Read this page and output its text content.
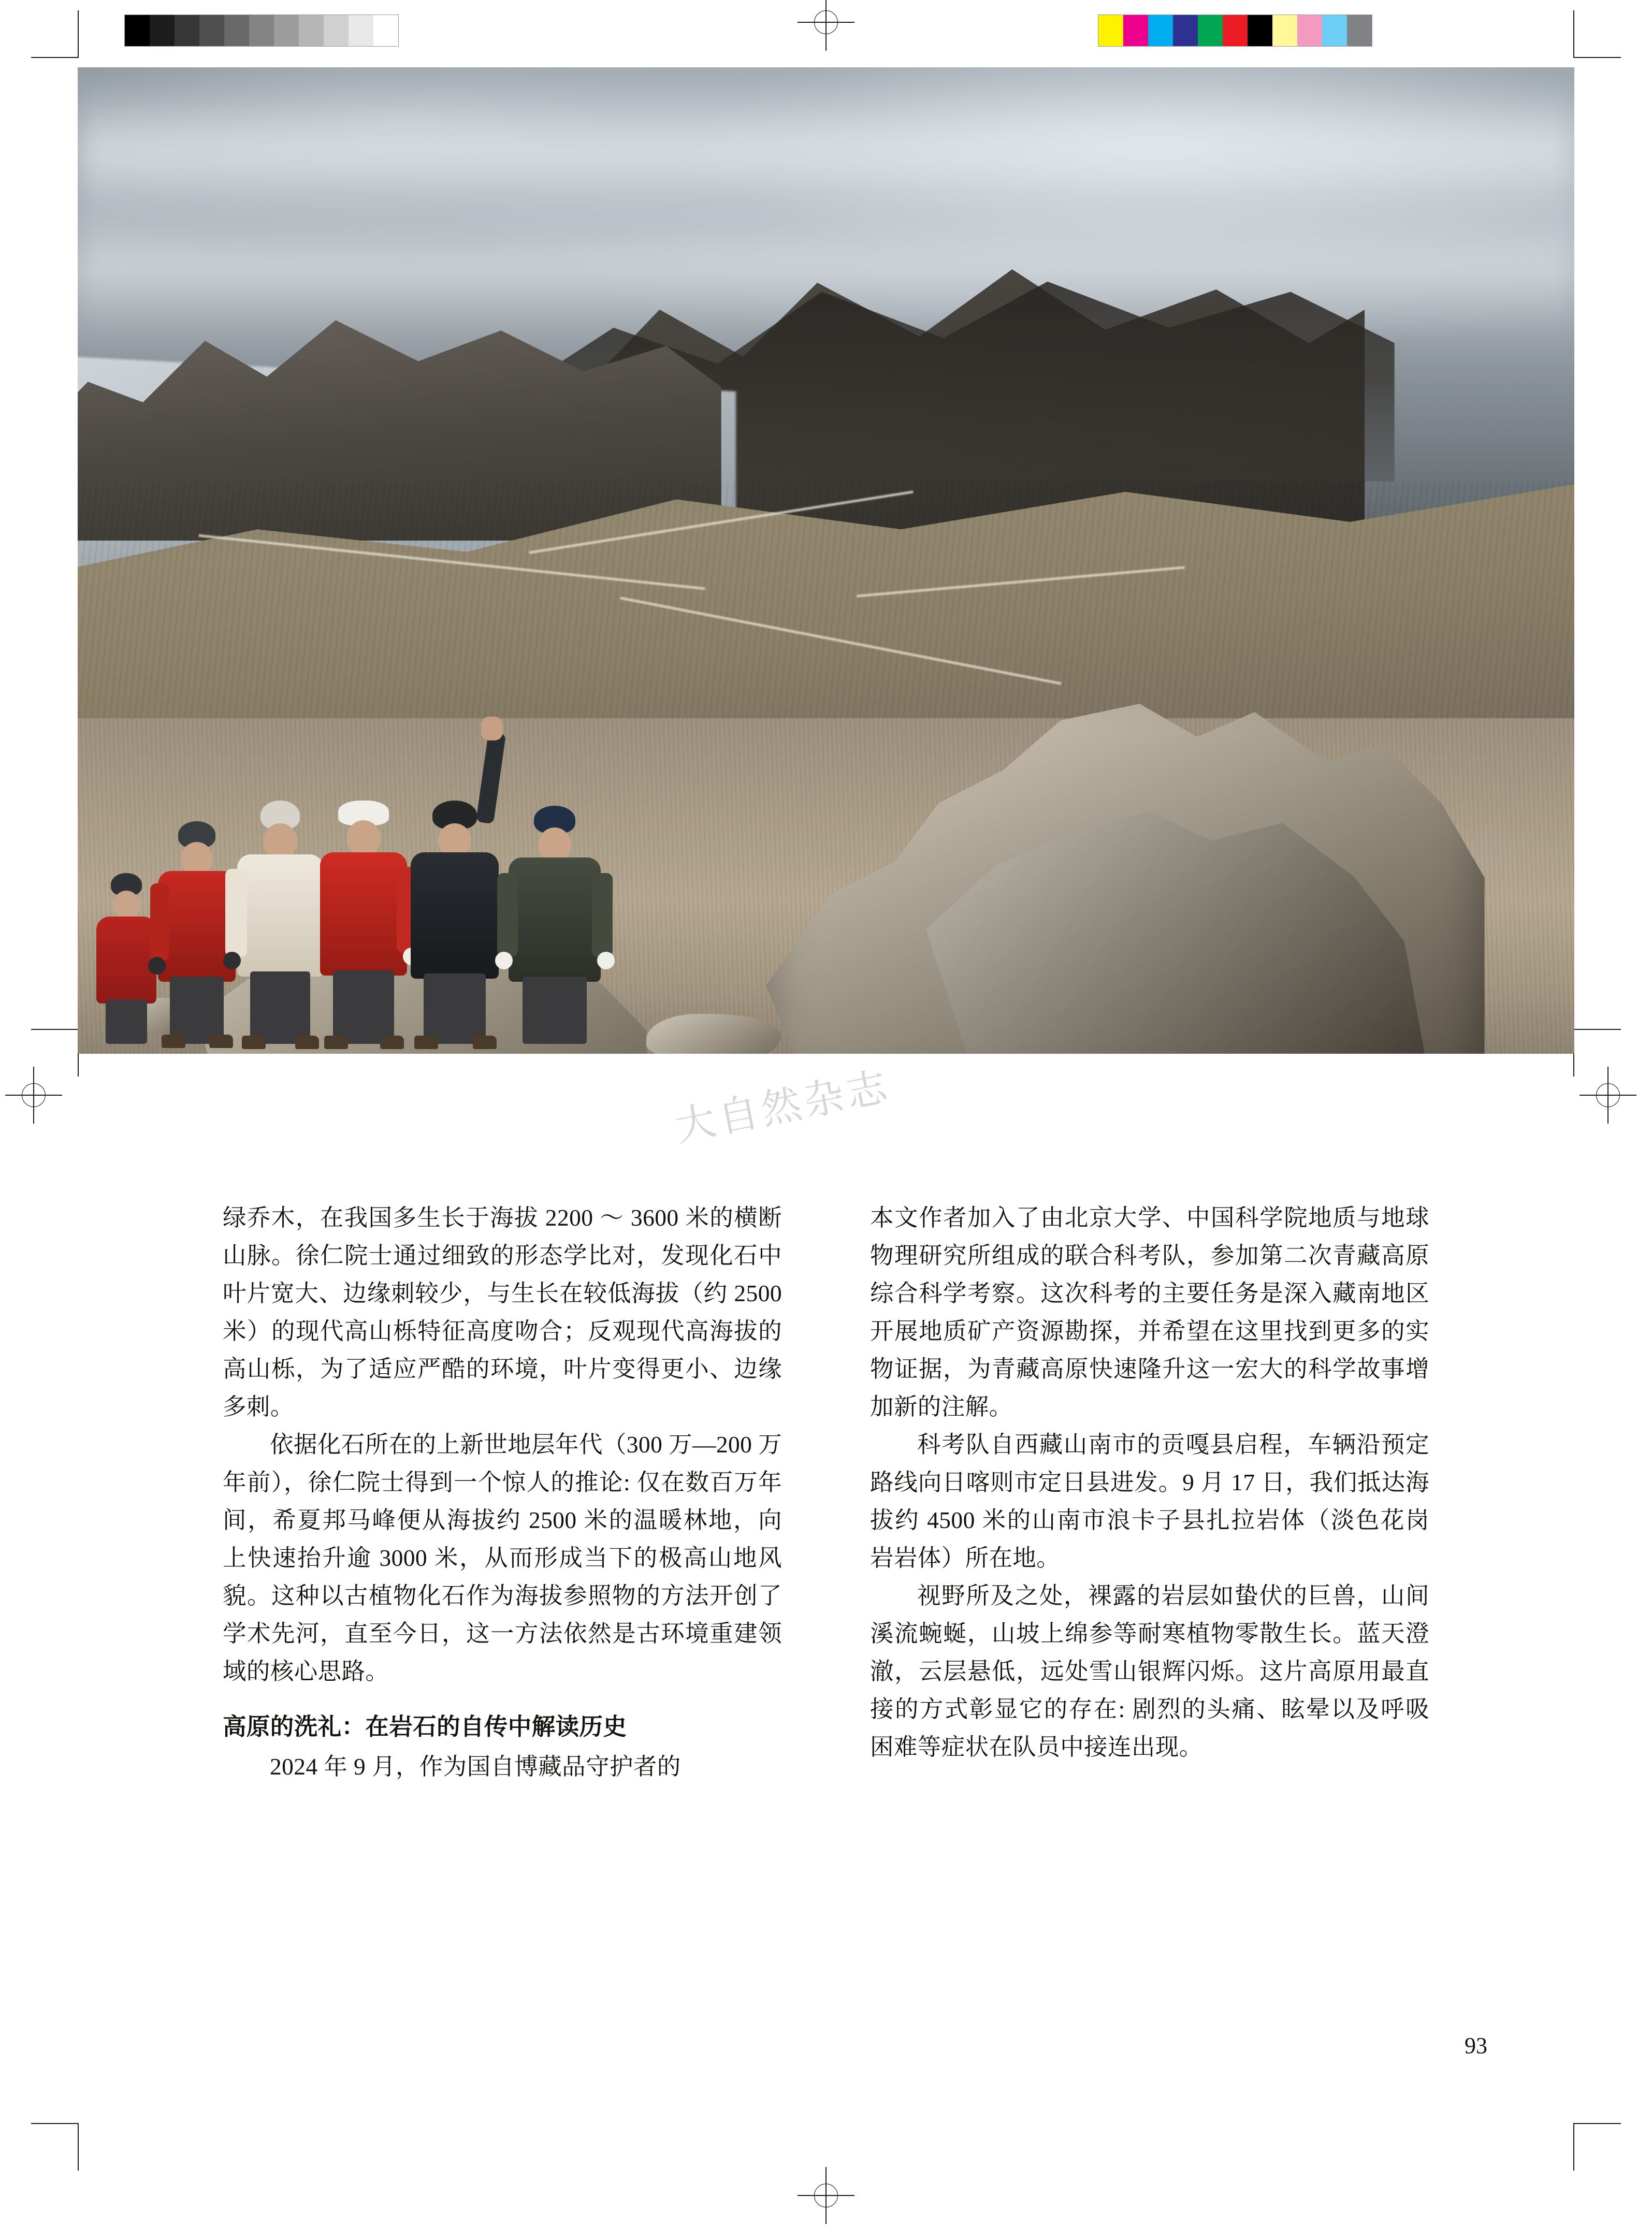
大自然杂志

绿乔木，在我国多生长于海拔 2200 ～ 3600 米的横断山脉。徐仁院士通过细致的形态学比对，发现化石中叶片宽大、边缘刺较少，与生长在较低海拔（约 2500 米）的现代高山栎特征高度吻合；反观现代高海拔的高山栎，为了适应严酷的环境，叶片变得更小、边缘多刺。

依据化石所在的上新世地层年代（300 万—200 万年前），徐仁院士得到一个惊人的推论: 仅在数百万年间，希夏邦马峰便从海拔约 2500 米的温暖林地，向上快速抬升逾 3000 米，从而形成当下的极高山地风貌。这种以古植物化石作为海拔参照物的方法开创了学术先河，直至今日，这一方法依然是古环境重建领域的核心思路。

高原的洗礼：在岩石的自传中解读历史

2024 年 9 月，作为国自博藏品守护者的

本文作者加入了由北京大学、中国科学院地质与地球物理研究所组成的联合科考队，参加第二次青藏高原综合科学考察。这次科考的主要任务是深入藏南地区开展地质矿产资源勘探，并希望在这里找到更多的实物证据，为青藏高原快速隆升这一宏大的科学故事增加新的注解。

科考队自西藏山南市的贡嘎县启程，车辆沿预定路线向日喀则市定日县进发。9 月 17 日，我们抵达海拔约 4500 米的山南市浪卡子县扎拉岩体（淡色花岗岩岩体）所在地。

视野所及之处，裸露的岩层如蛰伏的巨兽，山间溪流蜿蜒，山坡上绵参等耐寒植物零散生长。蓝天澄澈，云层悬低，远处雪山银辉闪烁。这片高原用最直接的方式彰显它的存在: 剧烈的头痛、眩晕以及呼吸困难等症状在队员中接连出现。

93
